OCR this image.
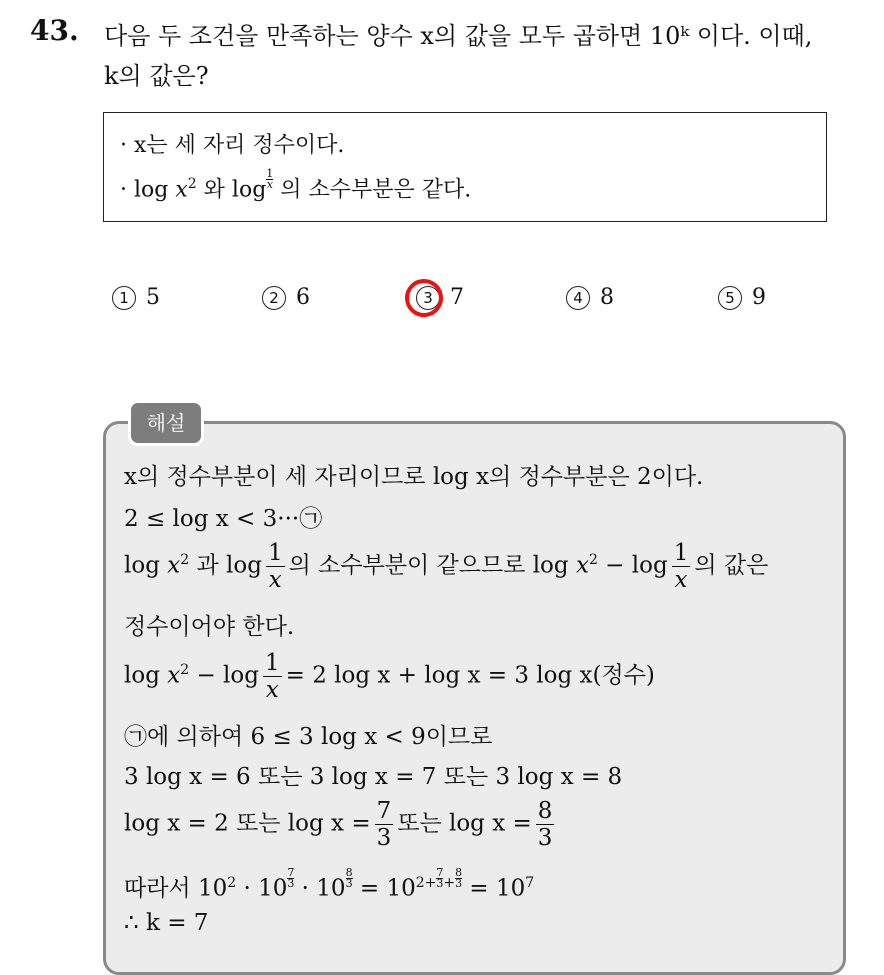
43. 다음 두 조건을 만족하는 양수 x의 값을 모두 곱하면 10ᵏ 이다. 이때,
k의 값은?
· x는 세 자리 정수이다.
· $\log x^2$ 와 $\log \frac{1}{x}$ 의 소수부분은 같다.
1 5	2 6	3 7	4 8	5 9
해설
x의 정수부분이 세 자리이므로 log x의 정수부분은 2이다.
2 ≤ log x < 3···㉠
$\log x^2$ 과 $\log \frac{1}{x}$ 의 소수부분이 같으므로 $\log x^2 - \log \frac{1}{x}$ 의 값은
정수이어야 한다.
$\log x^2 - \log \frac{1}{x} = 2$ log x + log x = 3 log x(정수)
㉠에 의하여 6 ≤ 3 log x < 9이므로
3 log x = 6 또는 3 log x = 7 또는 3 log x = 8
log x = 2 또는 $\log x = \frac{7}{3}$ 또는 $\log x = \frac{8}{3}$
따라서 $10^2 \cdot 10 \frac{7}{3} \cdot 10 \frac{8}{3} = 10^{2+} \frac{7}{3} ^+ \frac{8}{3} = 10^7$
∴ k = 7
